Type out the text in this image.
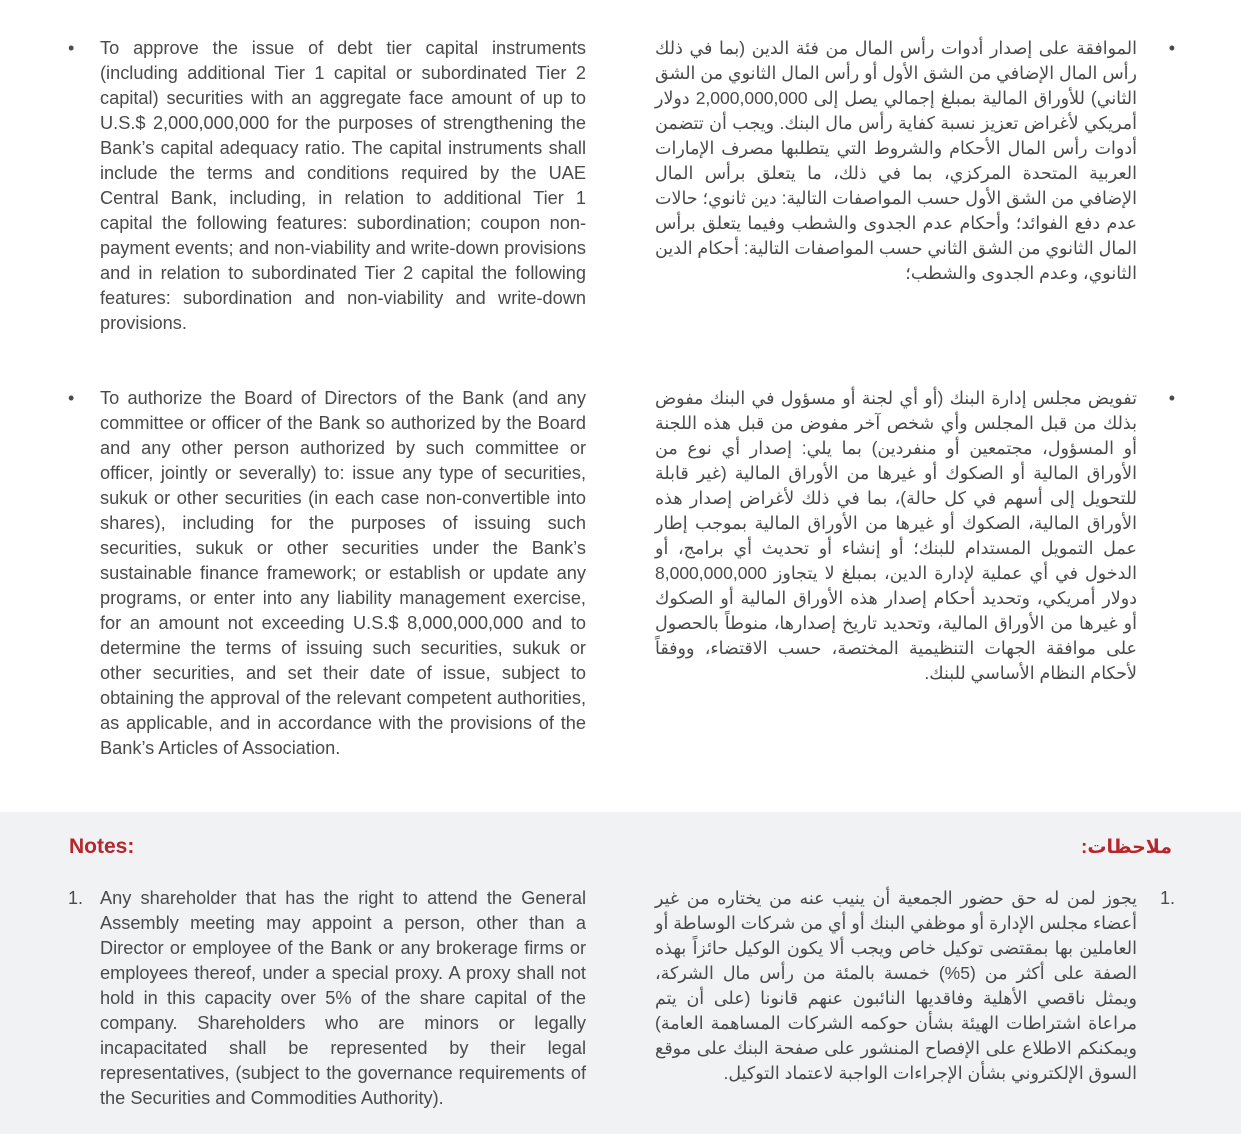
• To approve the issue of debt tier capital instruments (including additional Tier 1 capital or subordinated Tier 2 capital) securities with an aggregate face amount of up to U.S.$ 2,000,000,000 for the purposes of strengthening the Bank’s capital adequacy ratio. The capital instruments shall include the terms and conditions required by the UAE Central Bank, including, in relation to additional Tier 1 capital the following features: subordination; coupon non-payment events; and non-viability and write-down provisions and in relation to subordinated Tier 2 capital the following features: subordination and non-viability and write-down provisions.
•
الموافقة على إصدار أدوات رأس المال من فئة الدين (بما في ذلك رأس المال الإضافي من الشق الأول أو رأس المال الثانوي من الشق الثاني) للأوراق المالية بمبلغ إجمالي يصل إلى 2,000,000,000 دولار أمريكي لأغراض تعزيز نسبة كفاية رأس مال البنك. ويجب أن تتضمن أدوات رأس المال الأحكام والشروط التي يتطلبها مصرف الإمارات العربية المتحدة المركزي، بما في ذلك، ما يتعلق برأس المال الإضافي من الشق الأول حسب المواصفات التالية: دين ثانوي؛ حالات عدم دفع الفوائد؛ وأحكام عدم الجدوى والشطب وفيما يتعلق برأس المال الثانوي من الشق الثاني حسب المواصفات التالية: أحكام الدين الثانوي، وعدم الجدوى والشطب؛
• To authorize the Board of Directors of the Bank (and any committee or officer of the Bank so authorized by the Board and any other person authorized by such committee or officer, jointly or severally) to: issue any type of securities, sukuk or other securities (in each case non-convertible into shares), including for the purposes of issuing such securities, sukuk or other securities under the Bank’s sustainable finance framework; or establish or update any programs, or enter into any liability management exercise, for an amount not exceeding U.S.$ 8,000,000,000 and to determine the terms of issuing such securities, sukuk or other securities, and set their date of issue, subject to obtaining the approval of the relevant competent authorities, as applicable, and in accordance with the provisions of the Bank’s Articles of Association.
•
تفويض مجلس إدارة البنك (أو أي لجنة أو مسؤول في البنك مفوض بذلك من قبل المجلس وأي شخص آخر مفوض من قبل هذه اللجنة أو المسؤول، مجتمعين أو منفردين) بما يلي: إصدار أي نوع من الأوراق المالية أو الصكوك أو غيرها من الأوراق المالية (غير قابلة للتحويل إلى أسهم في كل حالة)، بما في ذلك لأغراض إصدار هذه الأوراق المالية، الصكوك أو غيرها من الأوراق المالية بموجب إطار عمل التمويل المستدام للبنك؛ أو إنشاء أو تحديث أي برامج، أو الدخول في أي عملية لإدارة الدين، بمبلغ لا يتجاوز 8,000,000,000 دولار أمريكي، وتحديد أحكام إصدار هذه الأوراق المالية أو الصكوك أو غيرها من الأوراق المالية، وتحديد تاريخ إصدارها، منوطاً بالحصول على موافقة الجهات التنظيمية المختصة، حسب الاقتضاء، ووفقاً لأحكام النظام الأساسي للبنك.
Notes:	ملاحظات:
1. Any shareholder that has the right to attend the General Assembly meeting may appoint a person, other than a Director or employee of the Bank or any brokerage firms or employees thereof, under a special proxy. A proxy shall not hold in this capacity over 5% of the share capital of the company. Shareholders who are minors or legally incapacitated shall be represented by their legal representatives, (subject to the governance requirements of the Securities and Commodities Authority).
1.
يجوز لمن له حق حضور الجمعية أن ينيب عنه من يختاره من غير أعضاء مجلس الإدارة أو موظفي البنك أو أي من شركات الوساطة أو العاملين بها بمقتضى توكيل خاص ويجب ألا يكون الوكيل حائزاً بهذه الصفة على أكثر من (5%) خمسة بالمئة من رأس مال الشركة، ويمثل ناقصي الأهلية وفاقديها النائبون عنهم قانونا (على أن يتم مراعاة اشتراطات الهيئة بشأن حوكمه الشركات المساهمة العامة) ويمكنكم الاطلاع على الإفصاح المنشور على صفحة البنك على موقع السوق الإلكتروني بشأن الإجراءات الواجبة لاعتماد التوكيل.
